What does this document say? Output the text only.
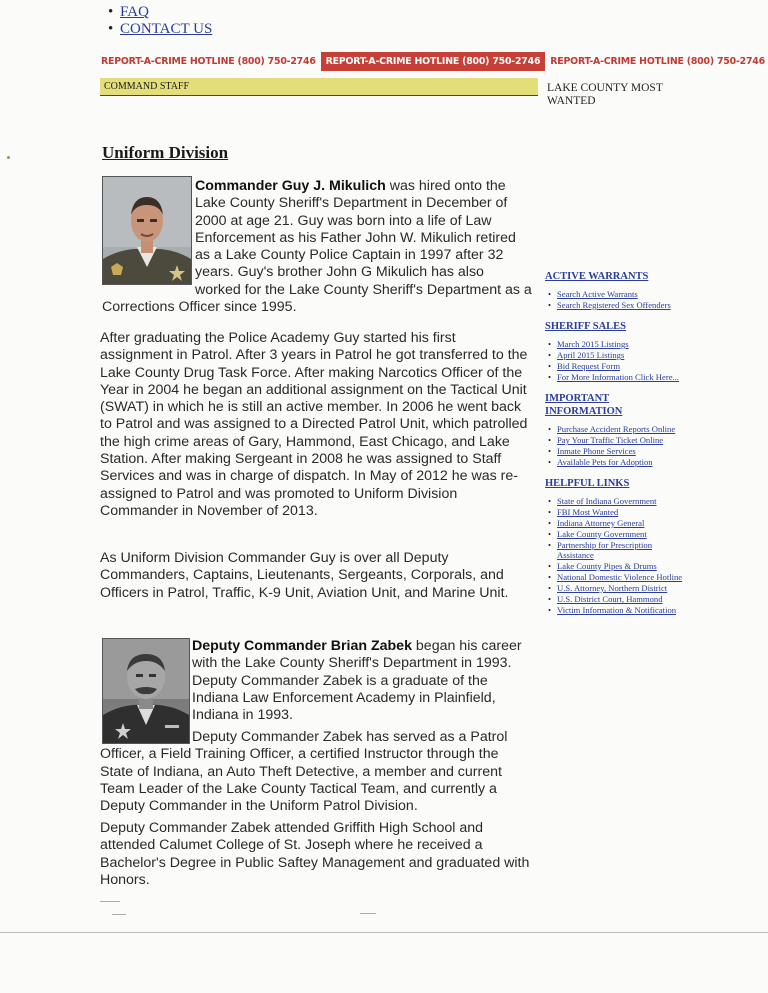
• FAQ
• CONTACT US
REPORT-A-CRIME HOTLINE (800) 750-2746	REPORT-A-CRIME HOTLINE (800) 750-2746	REPORT-A-CRIME HOTLINE (800) 750-2746
COMMAND STAFF	LAKE COUNTY MOST WANTED
Uniform Division

Commander Guy J. Mikulich was hired onto the Lake County Sheriff's Department in December of 2000 at age 21. Guy was born into a life of Law Enforcement as his Father John W. Mikulich retired as a Lake County Police Captain in 1997 after 32 years. Guy's brother John G Mikulich has also worked for the Lake County Sheriff's Department as a Corrections Officer since 1995.

After graduating the Police Academy Guy started his first assignment in Patrol. After 3 years in Patrol he got transferred to the Lake County Drug Task Force. After making Narcotics Officer of the Year in 2004 he began an additional assignment on the Tactical Unit (SWAT) in which he is still an active member. In 2006 he went back to Patrol and was assigned to a Directed Patrol Unit, which patrolled the high crime areas of Gary, Hammond, East Chicago, and Lake Station. After making Sergeant in 2008 he was assigned to Staff Services and was in charge of dispatch. In May of 2012 he was re-assigned to Patrol and was promoted to Uniform Division Commander in November of 2013.

As Uniform Division Commander Guy is over all Deputy Commanders, Captains, Lieutenants, Sergeants, Corporals, and Officers in Patrol, Traffic, K-9 Unit, Aviation Unit, and Marine Unit.

Deputy Commander Brian Zabek began his career with the Lake County Sheriff's Department in 1993. Deputy Commander Zabek is a graduate of the Indiana Law Enforcement Academy in Plainfield, Indiana in 1993.

Deputy Commander Zabek has served as a Patrol Officer, a Field Training Officer, a certified Instructor through the State of Indiana, an Auto Theft Detective, a member and current Team Leader of the Lake County Tactical Team, and currently a Deputy Commander in the Uniform Patrol Division.

Deputy Commander Zabek attended Griffith High School and attended Calumet College of St. Joseph where he received a Bachelor's Degree in Public Saftey Management and graduated with Honors.

ACTIVE WARRANTS

• Search Active Warrants
• Search Registered Sex Offenders

SHERIFF SALES

• March 2015 Listings
• April 2015 Listings
• Bid Request Form
• For More Information Click Here...

IMPORTANT INFORMATION

• Purchase Accident Reports Online
• Pay Your Traffic Ticket Online
• Inmate Phone Services
• Available Pets for Adoption

HELPFUL LINKS

• State of Indiana Government
• FBI Most Wanted
• Indiana Attorney General
• Lake County Government
• Partnership for Prescription Assistance
• Lake County Pipes & Drums
• National Domestic Violence Hotline
• U.S. Attorney, Northern District
• U.S. District Court, Hammond
• Victim Information & Notification
